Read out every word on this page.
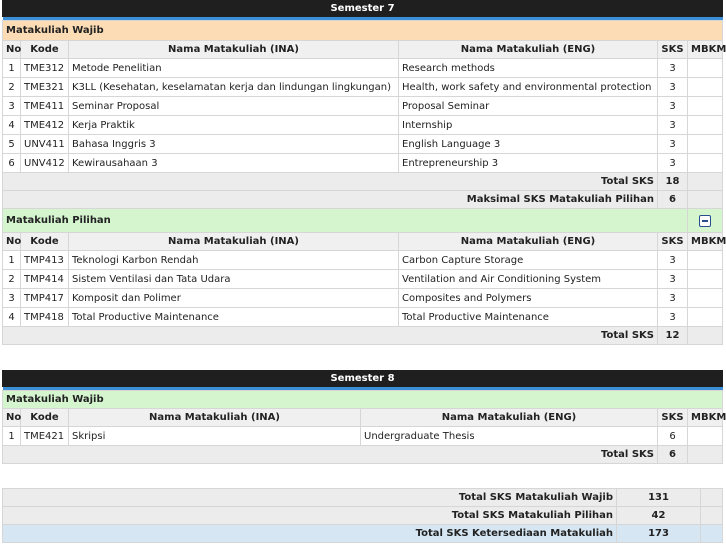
Semester 7					

Matakuliah Wajib					
No	Kode	Nama Matakuliah (INA)	Nama Matakuliah (ENG)	SKS	MBKM
1	TME312	Metode Penelitian	Research methods	3	
2	TME321	K3LL (Kesehatan, keselamatan kerja dan lindungan lingkungan)	Health, work safety and environmental protection	3	
3	TME411	Seminar Proposal	Proposal Seminar	3	
4	TME412	Kerja Praktik	Internship	3	
5	UNV411	Bahasa Inggris 3	English Language 3	3	
6	UNV412	Kewirausahaan 3	Entrepreneurship 3	3	
Total SKS				18	
Maksimal SKS Matakuliah Pilihan				6	
Matakuliah Pilihan					
No	Kode	Nama Matakuliah (INA)	Nama Matakuliah (ENG)	SKS	MBKM
1	TMP413	Teknologi Karbon Rendah	Carbon Capture Storage	3	
2	TMP414	Sistem Ventilasi dan Tata Udara	Ventilation and Air Conditioning System	3	
3	TMP417	Komposit dan Polimer	Composites and Polymers	3	
4	TMP418	Total Productive Maintenance	Total Productive Maintenance	3	
Total SKS				12	
Semester 8					

Matakuliah Wajib					
No	Kode	Nama Matakuliah (INA)	Nama Matakuliah (ENG)	SKS	MBKM
1	TME421	Skripsi	Undergraduate Thesis	6	
Total SKS				6	
Total SKS Matakuliah Wajib	131	
Total SKS Matakuliah Pilihan	42	
Total SKS Ketersediaan Matakuliah	173	
